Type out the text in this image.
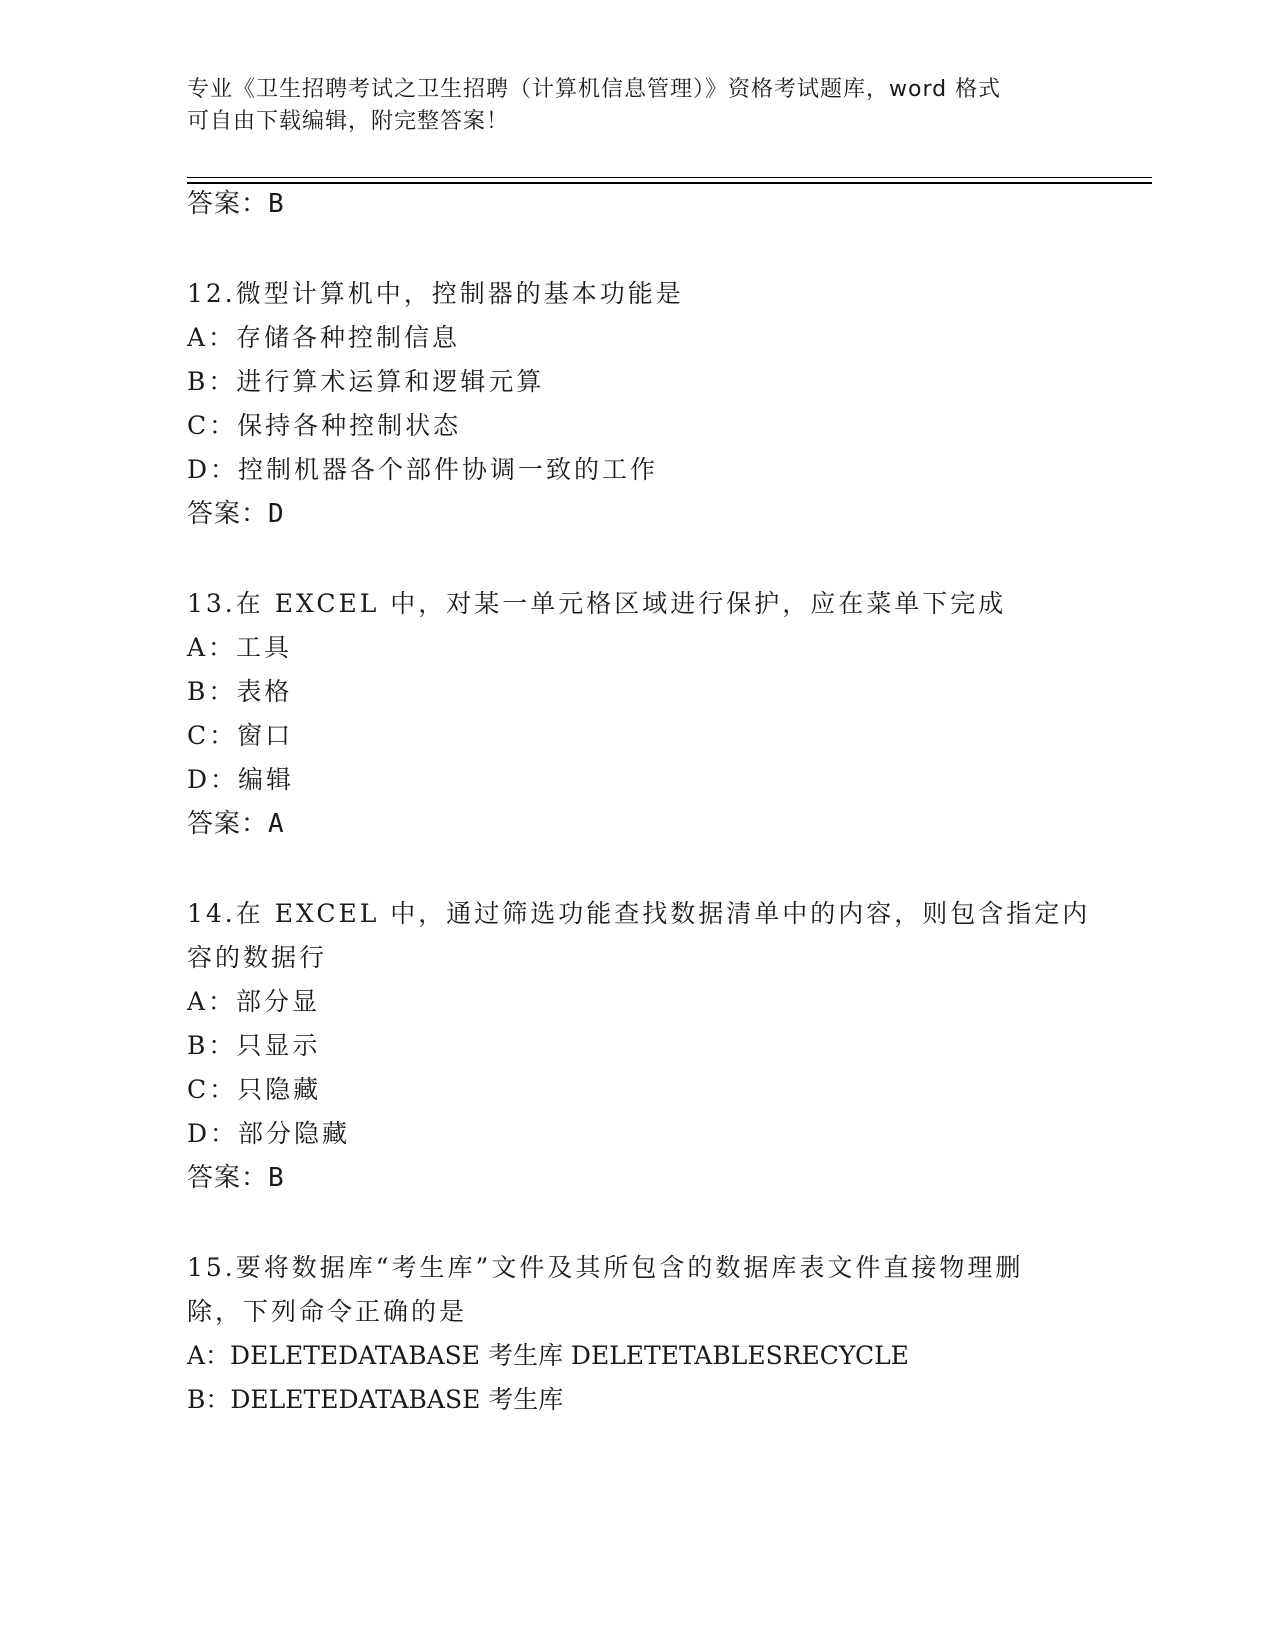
专业《卫生招聘考试之卫生招聘（计算机信息管理）》资格考试题库，word 格式
可自由下载编辑，附完整答案！
答案：B
12.微型计算机中，控制器的基本功能是
A：存储各种控制信息
B：进行算术运算和逻辑元算
C：保持各种控制状态
D：控制机器各个部件协调一致的工作
答案：D
13.在 EXCEL 中，对某一单元格区域进行保护，应在菜单下完成
A：工具
B：表格
C：窗口
D：编辑
答案：A
14.在 EXCEL 中，通过筛选功能查找数据清单中的内容，则包含指定内
容的数据行
A：部分显
B：只显示
C：只隐藏
D：部分隐藏
答案：B
15.要将数据库“考生库”文件及其所包含的数据库表文件直接物理删
除，下列命令正确的是
A：DELETEDATABASE 考生库 DELETETABLESRECYCLE
B：DELETEDATABASE 考生库
